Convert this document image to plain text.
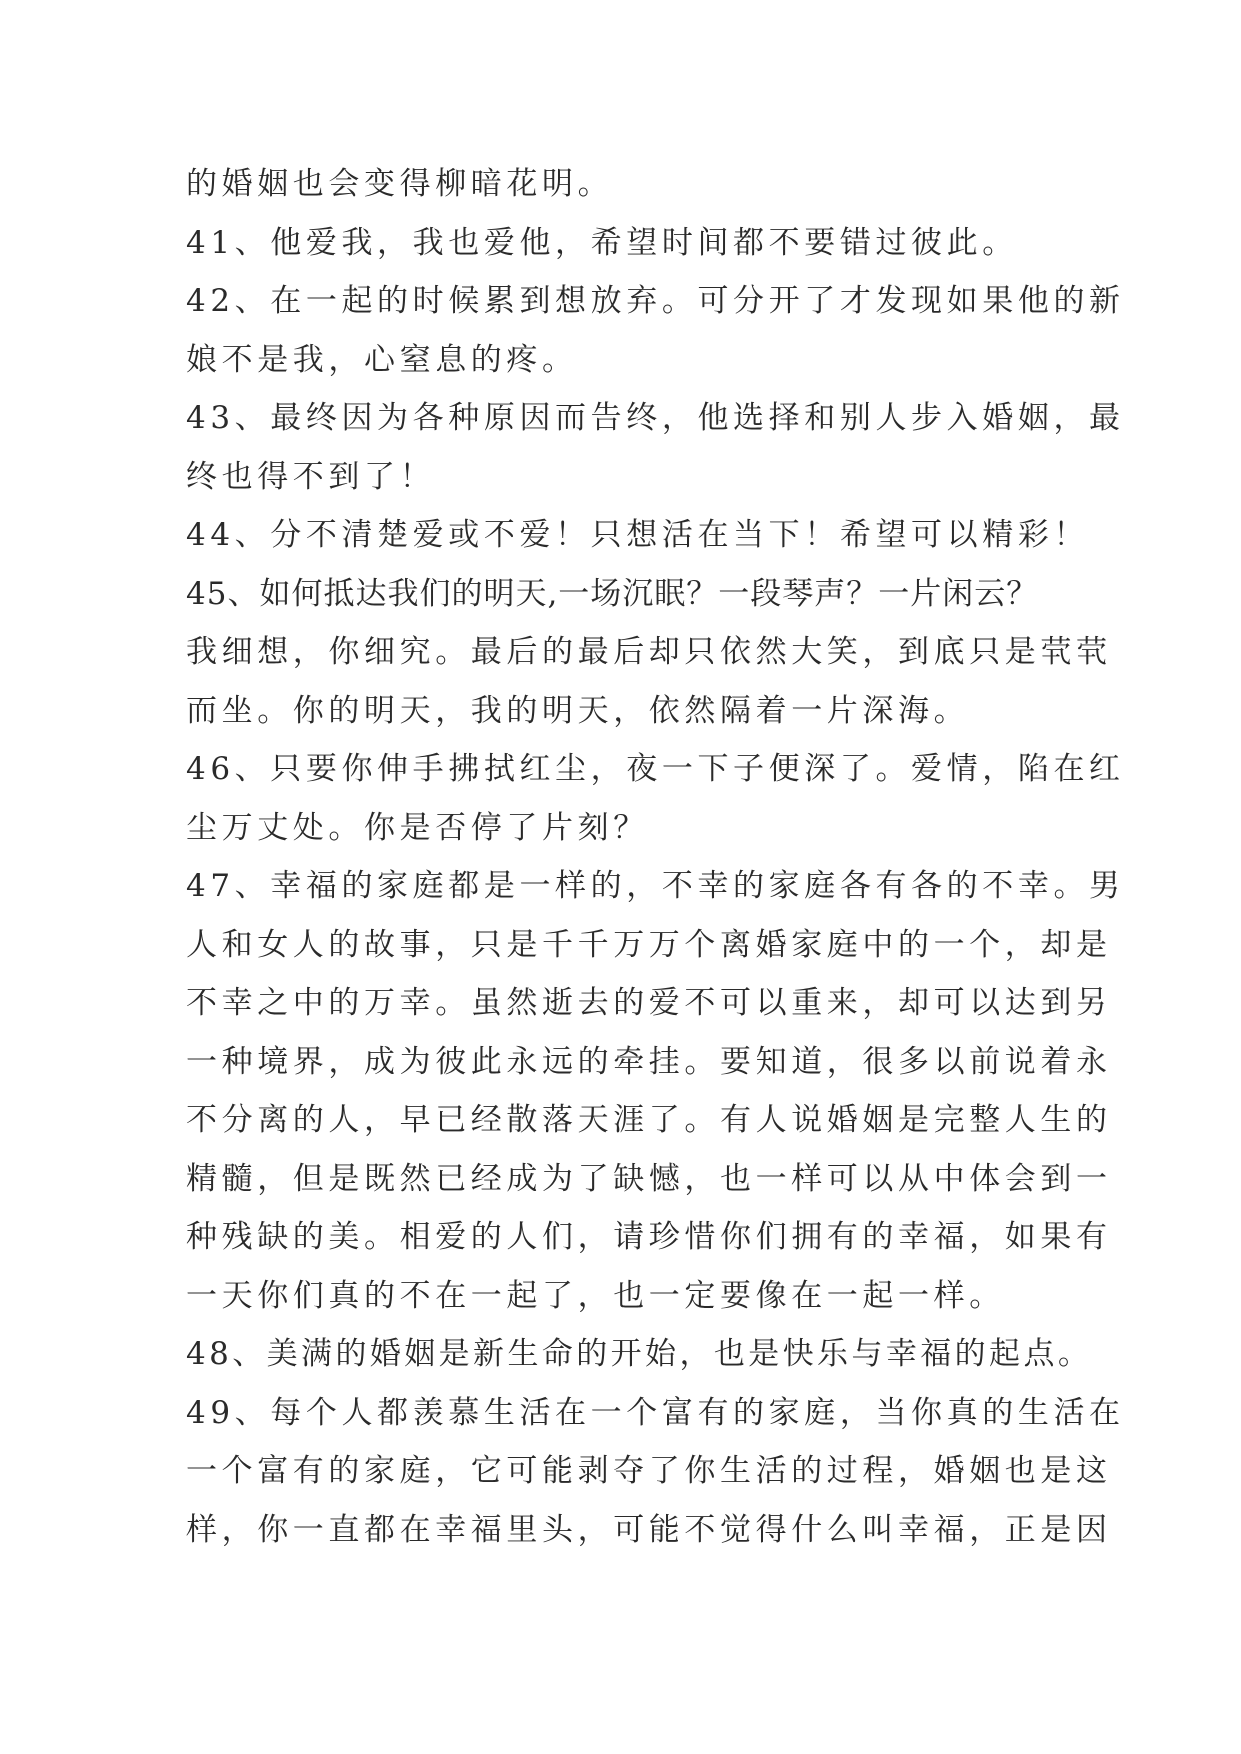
的婚姻也会变得柳暗花明。
41、他爱我，我也爱他，希望时间都不要错过彼此。
42、在一起的时候累到想放弃。可分开了才发现如果他的新
娘不是我，心窒息的疼。
43、最终因为各种原因而告终，他选择和别人步入婚姻，最
终也得不到了！
44、分不清楚爱或不爱！只想活在当下！希望可以精彩！
45、如何抵达我们的明天,一场沉眠？一段琴声？一片闲云？
我细想，你细究。最后的最后却只依然大笑，到底只是茕茕
而坐。你的明天，我的明天，依然隔着一片深海。
46、只要你伸手拂拭红尘，夜一下子便深了。爱情，陷在红
尘万丈处。你是否停了片刻？
47、幸福的家庭都是一样的，不幸的家庭各有各的不幸。男
人和女人的故事，只是千千万万个离婚家庭中的一个，却是
不幸之中的万幸。虽然逝去的爱不可以重来，却可以达到另
一种境界，成为彼此永远的牵挂。要知道，很多以前说着永
不分离的人，早已经散落天涯了。有人说婚姻是完整人生的
精髓，但是既然已经成为了缺憾，也一样可以从中体会到一
种残缺的美。相爱的人们，请珍惜你们拥有的幸福，如果有
一天你们真的不在一起了，也一定要像在一起一样。
48、美满的婚姻是新生命的开始，也是快乐与幸福的起点。
49、每个人都羡慕生活在一个富有的家庭，当你真的生活在
一个富有的家庭，它可能剥夺了你生活的过程，婚姻也是这
样，你一直都在幸福里头，可能不觉得什么叫幸福，正是因
